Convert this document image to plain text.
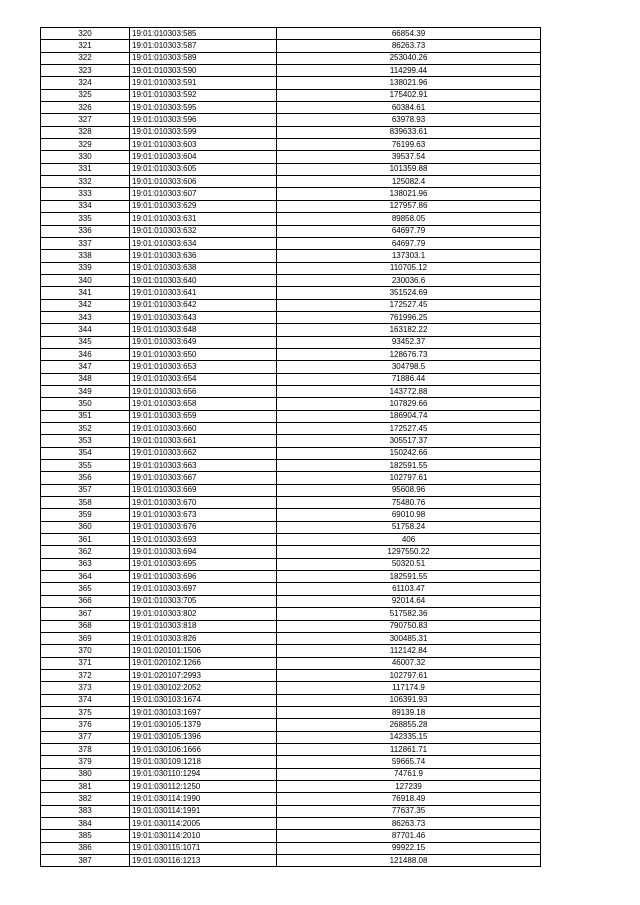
320	19:01:010303:585	66854.39
321	19:01:010303:587	86263.73
322	19:01:010303:589	253040.26
323	19:01:010303:590	114299.44
324	19:01:010303:591	138021.96
325	19:01:010303:592	175402.91
326	19:01:010303:595	60384.61
327	19:01:010303:596	63978.93
328	19:01:010303:599	839633.61
329	19:01:010303:603	76199.63
330	19:01:010303:604	39537.54
331	19:01:010303:605	101359.88
332	19:01:010303:606	125082.4
333	19:01:010303:607	138021.96
334	19:01:010303:629	127957.86
335	19:01:010303:631	89858.05
336	19:01:010303:632	64697.79
337	19:01:010303:634	64697.79
338	19:01:010303:636	137303.1
339	19:01:010303:638	110705.12
340	19:01:010303:640	230036.6
341	19:01:010303:641	351524.69
342	19:01:010303:642	172527.45
343	19:01:010303:643	761996.25
344	19:01:010303:648	163182.22
345	19:01:010303:649	93452.37
346	19:01:010303:650	128676.73
347	19:01:010303:653	304798.5
348	19:01:010303:654	71886.44
349	19:01:010303:656	143772.88
350	19:01:010303:658	107829.66
351	19:01:010303:659	186904.74
352	19:01:010303:660	172527.45
353	19:01:010303:661	305517.37
354	19:01:010303:662	150242.66
355	19:01:010303:663	182591.55
356	19:01:010303:667	102797.61
357	19:01:010303:669	95608.96
358	19:01:010303:670	75480.76
359	19:01:010303:673	69010.98
360	19:01:010303:676	51758.24
361	19:01:010303:693	406
362	19:01:010303:694	1297550.22
363	19:01:010303:695	50320.51
364	19:01:010303:696	182591.55
365	19:01:010303:697	61103.47
366	19:01:010303:705	92014.64
367	19:01:010303:802	517582.36
368	19:01:010303:818	790750.83
369	19:01:010303:826	300485.31
370	19:01:020101:1506	112142.84
371	19:01:020102:1266	46007.32
372	19:01:020107:2993	102797.61
373	19:01:030102:2052	117174.9
374	19:01:030103:1674	106391.93
375	19:01:030103:1697	89139.18
376	19:01:030105:1379	268855.28
377	19:01:030105:1396	142335.15
378	19:01:030106:1666	112861.71
379	19:01:030109:1218	59665.74
380	19:01:030110:1294	74761.9
381	19:01:030112:1250	127239
382	19:01:030114:1990	76918.49
383	19:01:030114:1991	77637.35
384	19:01:030114:2005	86263.73
385	19:01:030114:2010	87701.46
386	19:01:030115:1071	99922.15
387	19:01:030116:1213	121488.08
